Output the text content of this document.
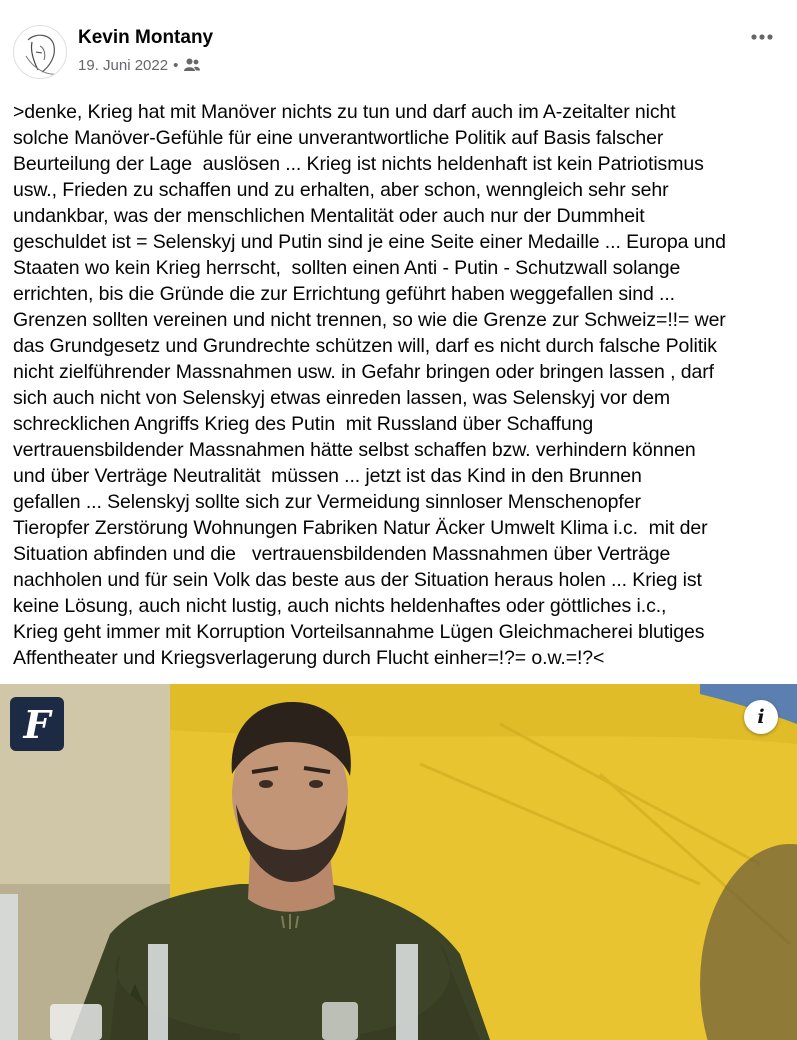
Kevin Montany
19. Juni 2022 •
>denke, Krieg hat mit Manöver nichts zu tun und darf auch im A-zeitalter nicht
solche Manöver-Gefühle für eine unverantwortliche Politik auf Basis falscher
Beurteilung der Lage  auslösen ... Krieg ist nichts heldenhaft ist kein Patriotismus
usw., Frieden zu schaffen und zu erhalten, aber schon, wenngleich sehr sehr
undankbar, was der menschlichen Mentalität oder auch nur der Dummheit
geschuldet ist = Selenskyj und Putin sind je eine Seite einer Medaille ... Europa und
Staaten wo kein Krieg herrscht,  sollten einen Anti - Putin - Schutzwall solange
errichten, bis die Gründe die zur Errichtung geführt haben weggefallen sind ...
Grenzen sollten vereinen und nicht trennen, so wie die Grenze zur Schweiz=!!= wer
das Grundgesetz und Grundrechte schützen will, darf es nicht durch falsche Politik
nicht zielführender Massnahmen usw. in Gefahr bringen oder bringen lassen , darf
sich auch nicht von Selenskyj etwas einreden lassen, was Selenskyj vor dem
schrecklichen Angriffs Krieg des Putin  mit Russland über Schaffung
vertrauensbildender Massnahmen hätte selbst schaffen bzw. verhindern können
und über Verträge Neutralität  müssen ... jetzt ist das Kind in den Brunnen
gefallen ... Selenskyj sollte sich zur Vermeidung sinnloser Menschenopfer
Tieropfer Zerstörung Wohnungen Fabriken Natur Äcker Umwelt Klima i.c.  mit der
Situation abfinden und die   vertrauensbildenden Massnahmen über Verträge
nachholen und für sein Volk das beste aus der Situation heraus holen ... Krieg ist
keine Lösung, auch nicht lustig, auch nichts heldenhaftes oder göttliches i.c.,
Krieg geht immer mit Korruption Vorteilsannahme Lügen Gleichmacherei blutiges
Affentheater und Kriegsverlagerung durch Flucht einher=!?= o.w.=!?<
F	i
